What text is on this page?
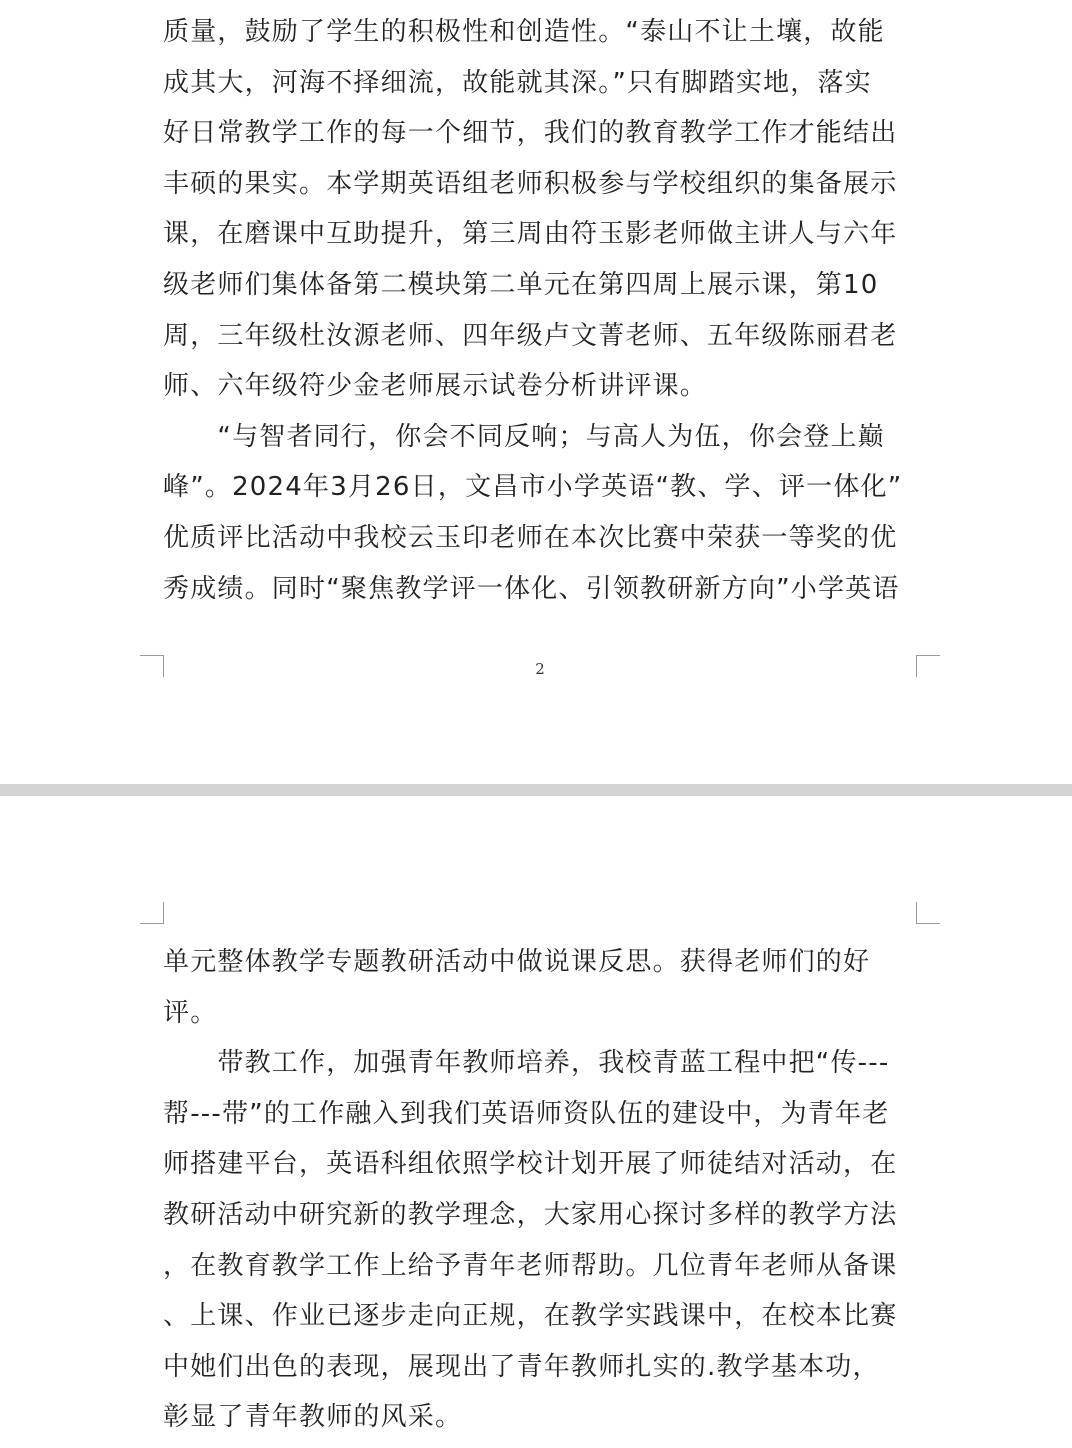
质量，鼓励了学生的积极性和创造性。“泰山不让土壤，故能
成其大，河海不择细流，故能就其深。”只有脚踏实地，落实
好日常教学工作的每一个细节，我们的教育教学工作才能结出
丰硕的果实。本学期英语组老师积极参与学校组织的集备展示
课，在磨课中互助提升，第三周由符玉影老师做主讲人与六年
级老师们集体备第二模块第二单元在第四周上展示课，第10
周，三年级杜汝源老师、四年级卢文菁老师、五年级陈丽君老
师、六年级符少金老师展示试卷分析讲评课。
　　“与智者同行，你会不同反响；与高人为伍，你会登上巅
峰”。2024年3月26日，文昌市小学英语“教、学、评一体化”
优质评比活动中我校云玉印老师在本次比赛中荣获一等奖的优
秀成绩。同时“聚焦教学评一体化、引领教研新方向”小学英语
2
单元整体教学专题教研活动中做说课反思。获得老师们的好
评。
　　带教工作，加强青年教师培养，我校青蓝工程中把“传---
帮---带”的工作融入到我们英语师资队伍的建设中，为青年老
师搭建平台，英语科组依照学校计划开展了师徒结对活动，在
教研活动中研究新的教学理念，大家用心探讨多样的教学方法
，在教育教学工作上给予青年老师帮助。几位青年老师从备课
、上课、作业已逐步走向正规，在教学实践课中，在校本比赛
中她们出色的表现，展现出了青年教师扎实的.教学基本功，
彰显了青年教师的风采。
